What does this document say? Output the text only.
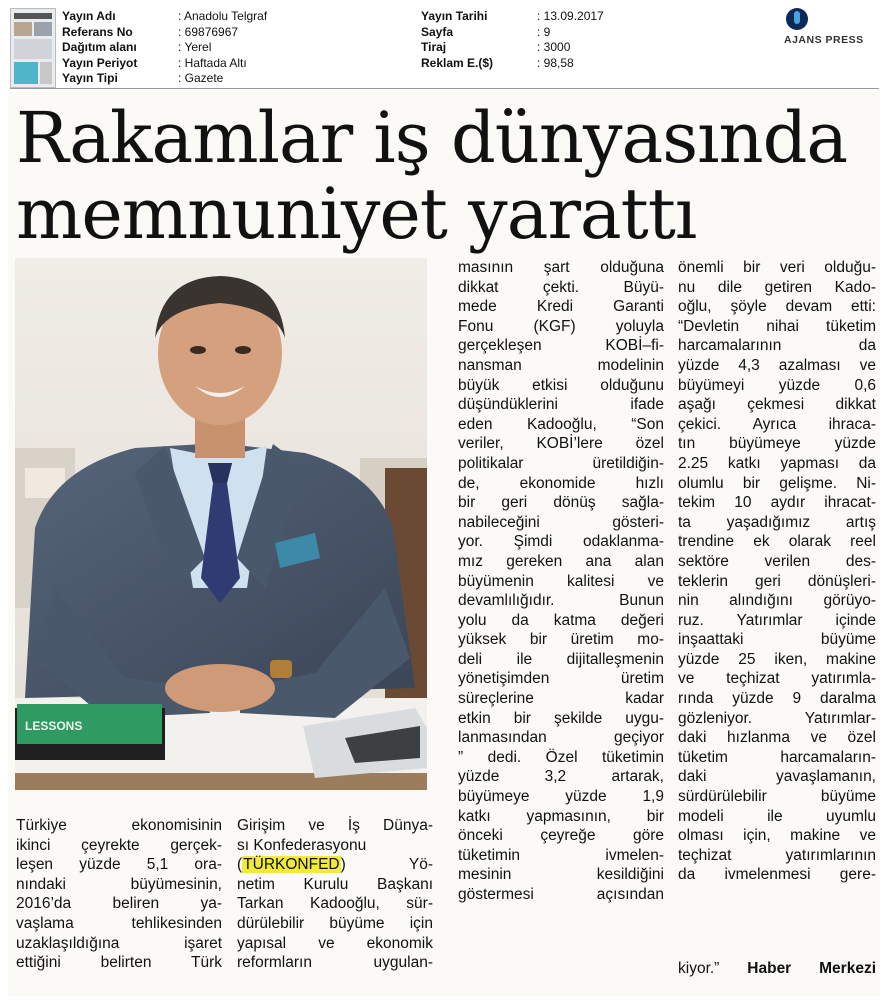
Yayın Adı	: Anadolu Telgraf
Referans No	: 69876967
Dağıtım alanı	: Yerel
Yayın Periyot	: Haftada Altı
Yayın Tipi	: Gazete
Yayın Tarihi	: 13.09.2017
Sayfa	: 9
Tiraj	: 3000
Reklam E.($)	: 98,58
AJANS PRESS
Rakamlar iş dünyasında
memnuniyet yarattı
LESSONS
Türkiye ekonomisinin
ikinci çeyrekte gerçek-
leşen yüzde 5,1 ora-
nındaki büyümesinin,
2016’da beliren ya-
vaşlama tehlikesinden
uzaklaşıldığına işaret
ettiğini belirten Türk
Girişim ve İş Dünya-
sı Konfederasyonu
(TÜRKONFED) Yö-
netim Kurulu Başkanı
Tarkan Kadooğlu, sür-
dürülebilir büyüme için
yapısal ve ekonomik
reformların uygulan-
masının şart olduğuna
dikkat çekti. Büyü-
mede Kredi Garanti
Fonu (KGF) yoluyla
gerçekleşen KOBİ–fi-
nansman modelinin
büyük etkisi olduğunu
düşündüklerini ifade
eden Kadooğlu, “Son
veriler, KOBİ’lere özel
politikalar üretildiğin-
de, ekonomide hızlı
bir geri dönüş sağla-
nabileceğini gösteri-
yor. Şimdi odaklanma-
mız gereken ana alan
büyümenin kalitesi ve
devamlılığıdır. Bunun
yolu da katma değeri
yüksek bir üretim mo-
deli ile dijitalleşmenin
yönetişimden üretim
süreçlerine kadar
etkin bir şekilde uygu-
lanmasından geçiyor
” dedi. Özel tüketimin
yüzde 3,2 artarak,
büyümeye yüzde 1,9
katkı yapmasının, bir
önceki çeyreğe göre
tüketimin ivmelen-
mesinin kesildiğini
göstermesi açısından
önemli bir veri olduğu-
nu dile getiren Kado-
oğlu, şöyle devam etti:
“Devletin nihai tüketim
harcamalarının da
yüzde 4,3 azalması ve
büyümeyi yüzde 0,6
aşağı çekmesi dikkat
çekici. Ayrıca ihraca-
tın büyümeye yüzde
2.25 katkı yapması da
olumlu bir gelişme. Ni-
tekim 10 aydır ihracat-
ta yaşadığımız artış
trendine ek olarak reel
sektöre verilen des-
teklerin geri dönüşleri-
nin alındığını görüyo-
ruz. Yatırımlar içinde
inşaattaki büyüme
yüzde 25 iken, makine
ve teçhizat yatırımla-
rında yüzde 9 daralma
gözleniyor. Yatırımlar-
daki hızlanma ve özel
tüketim harcamaların-
daki yavaşlamanın,
sürdürülebilir büyüme
modeli ile uyumlu
olması için, makine ve
teçhizat yatırımlarının
da ivmelenmesi gere-
kiyor.” Haber Merkezi
